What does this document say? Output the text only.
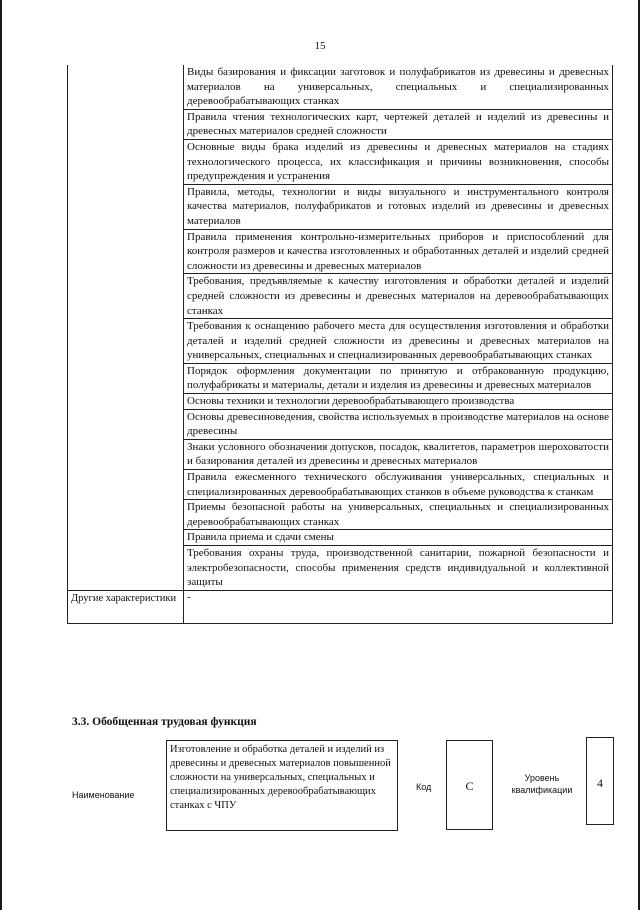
15
Виды базирования и фиксации заготовок и полуфабрикатов из древесины и древесных материалов на универсальных, специальных и специализированных деревообрабатывающих станках
Правила чтения технологических карт, чертежей деталей и изделий из древесины и древесных материалов средней сложности
Основные виды брака изделий из древесины и древесных материалов на стадиях технологического процесса, их классификация и причины возникновения, способы предупреждения и устранения
Правила, методы, технологии и виды визуального и инструментального контроля качества материалов, полуфабрикатов и готовых изделий из древесины и древесных материалов
Правила применения контрольно-измерительных приборов и приспособлений для контроля размеров и качества изготовленных и обработанных деталей и изделий средней сложности из древесины и древесных материалов
Требования, предъявляемые к качеству изготовления и обработки деталей и изделий средней сложности из древесины и древесных материалов на деревообрабатывающих станках
Требования к оснащению рабочего места для осуществления изготовления и обработки деталей и изделий средней сложности из древесины и древесных материалов на универсальных, специальных и специализированных деревообрабатывающих станках
Порядок оформления документации по принятую и отбракованную продукцию, полуфабрикаты и материалы, детали и изделия из древесины и древесных материалов
Основы техники и технологии деревообрабатывающего производства
Основы древесиноведения, свойства используемых в производстве материалов на основе древесины
Знаки условного обозначения допусков, посадок, квалитетов, параметров шероховатости и базирования деталей из древесины и древесных материалов
Правила ежесменного технического обслуживания универсальных, специальных и специализированных деревообрабатывающих станков в объеме руководства к станкам
Приемы безопасной работы на универсальных, специальных и специализированных деревообрабатывающих станках
Правила приема и сдачи смены
Требования охраны труда, производственной санитарии, пожарной безопасности и электробезопасности, способы применения средств индивидуальной и коллективной защиты
Другие характеристики -
3.3. Обобщенная трудовая функция
Наименование
Изготовление и обработка деталей и изделий из древесины и древесных материалов повышенной сложности на универсальных, специальных и специализированных деревообрабатывающих станках с ЧПУ
Код	C
Уровень квалификации	4
